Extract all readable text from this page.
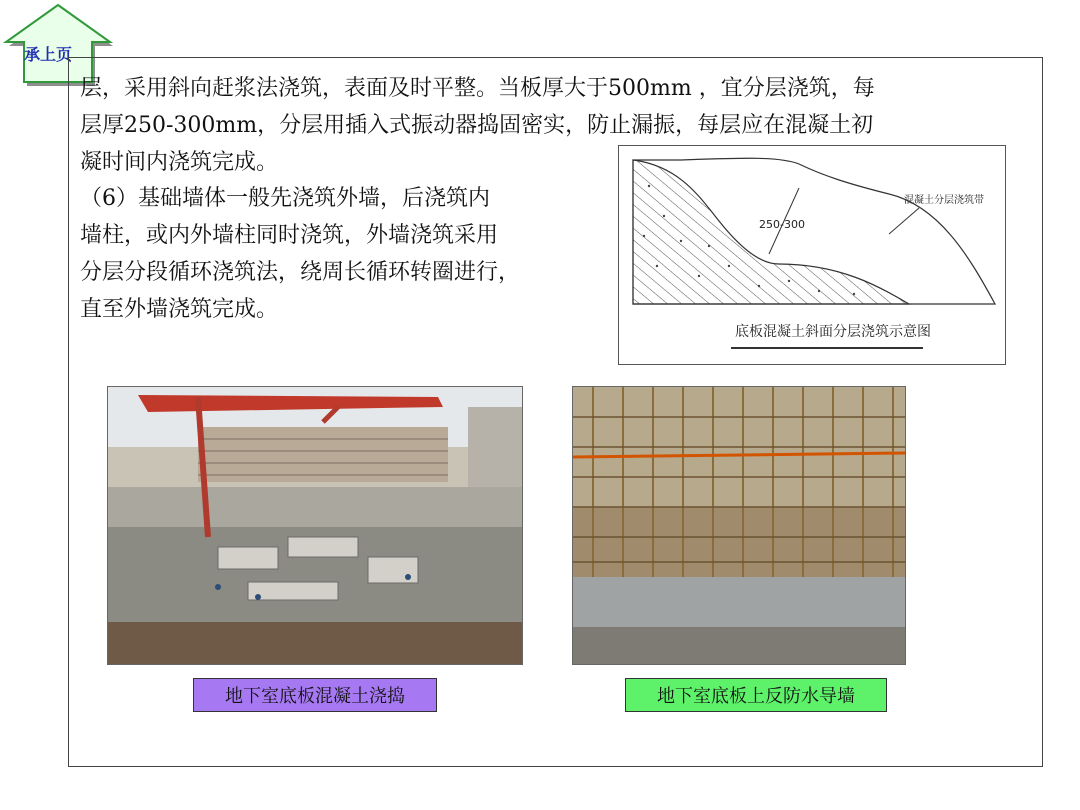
承上页
层，采用斜向赶浆法浇筑，表面及时平整。当板厚大于500mm ，宜分层浇筑，每
层厚250-300mm，分层用插入式振动器捣固密实，防止漏振，每层应在混凝土初
凝时间内浇筑完成。
（6）基础墙体一般先浇筑外墙，后浇筑内
墙柱，或内外墙柱同时浇筑，外墙浇筑采用
分层分段循环浇筑法，绕周长循环转圈进行，
直至外墙浇筑完成。
250-300
混凝土分层浇筑带
底板混凝土斜面分层浇筑示意图
地下室底板混凝土浇捣	地下室底板上反防水导墙
